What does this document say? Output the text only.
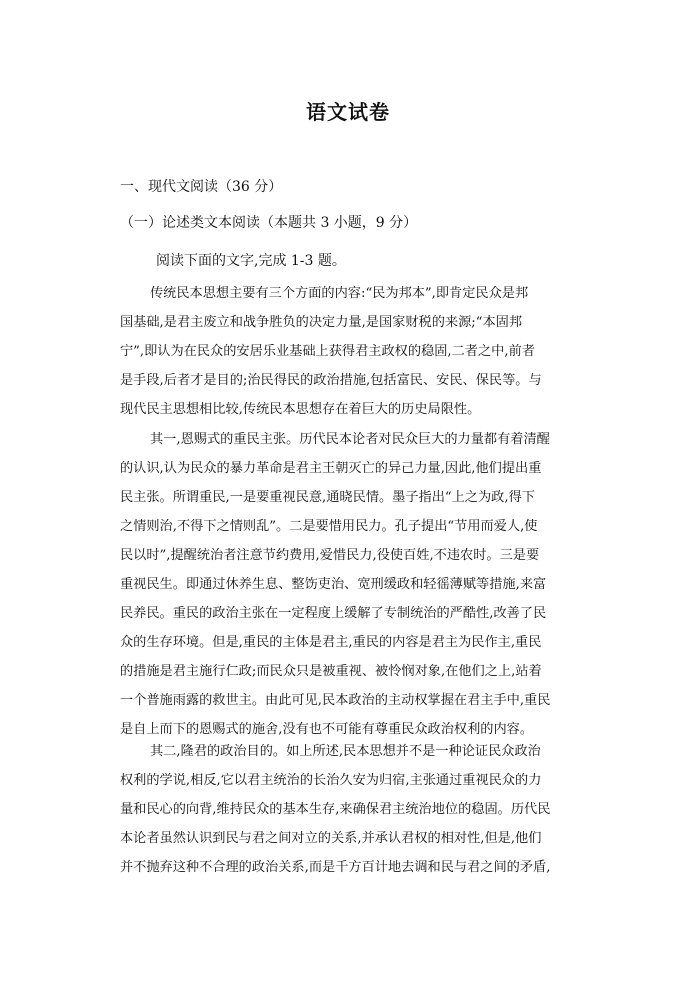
语文试卷
一、现代文阅读（36 分）
（一）论述类文本阅读（本题共 3 小题，9 分）
阅读下面的文字,完成 1-3 题。
传统民本思想主要有三个方面的内容:“民为邦本”,即肯定民众是邦
国基础,是君主废立和战争胜负的决定力量,是国家财税的来源;“本固邦
宁”,即认为在民众的安居乐业基础上获得君主政权的稳固,二者之中,前者
是手段,后者才是目的;治民得民的政治措施,包括富民、安民、保民等。与
现代民主思想相比较,传统民本思想存在着巨大的历史局限性。
其一,恩赐式的重民主张。历代民本论者对民众巨大的力量都有着清醒
的认识,认为民众的暴力革命是君主王朝灭亡的异己力量,因此,他们提出重
民主张。所谓重民,一是要重视民意,通晓民情。墨子指出“上之为政,得下
之情则治,不得下之情则乱”。二是要惜用民力。孔子提出“节用而爱人,使
民以时”,提醒统治者注意节约费用,爱惜民力,役使百姓,不违农时。三是要
重视民生。即通过休养生息、整饬吏治、宽刑缓政和轻徭薄赋等措施,来富
民养民。重民的政治主张在一定程度上缓解了专制统治的严酷性,改善了民
众的生存环境。但是,重民的主体是君主,重民的内容是君主为民作主,重民
的措施是君主施行仁政;而民众只是被重视、被怜悯对象,在他们之上,站着
一个普施雨露的救世主。由此可见,民本政治的主动权掌握在君主手中,重民
是自上而下的恩赐式的施舍,没有也不可能有尊重民众政治权利的内容。
其二,隆君的政治目的。如上所述,民本思想并不是一种论证民众政治
权利的学说,相反,它以君主统治的长治久安为归宿,主张通过重视民众的力
量和民心的向背,维持民众的基本生存,来确保君主统治地位的稳固。历代民
本论者虽然认识到民与君之间对立的关系,并承认君权的相对性,但是,他们
并不抛弃这种不合理的政治关系,而是千方百计地去调和民与君之间的矛盾,
